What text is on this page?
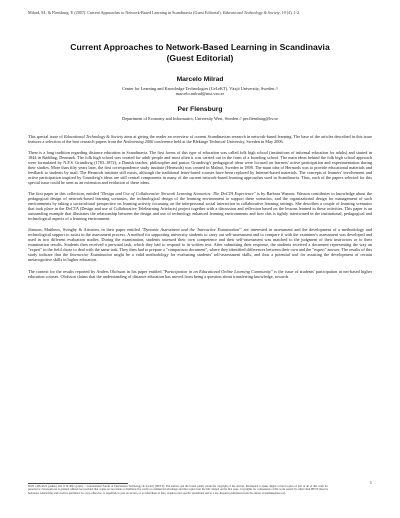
Milrad, M., & Flensburg, P. (2007). Current Approaches to Network-Based Learning in Scandinavia (Guest Editorial). Educational Technology & Society, 10 (4), 1-2.
Current Approaches to Network-Based Learning in Scandinavia
(Guest Editorial)

Marcelo Milrad

Center for Learning and Knowledge Technologies (CeLeKT), Växjö University, Sweden //
marcelo.milrad@msi.vxu.se

Per Flensburg

Department of Economy and Informatics, University West, Sweden // per.flensburg@hv.se

This special issue of Educational Technology & Society aims at giving the reader an overview of current Scandinavian research in network-based learning. The base of the articles described in this issue features a selection of the best research papers from the Netlearning 2006 conference held at the Blekinge Technical University, Sweden in May 2006.

There is a long tradition regarding distance education in Scandinavia. The first forms of this type of education was called folk high school (institutions of informal education for adults) and started in 1844 in Rødding, Denmark. The folk high school was created for adult people and most often it was carried out in the form of a boarding school. The main ideas behind the folk high school approach were formulated by N.F.S. Grundtvig (1783–1872); a Danish teacher, philosopher and pastor. Grundtvig's pedagogical ideas were focused on learners' active participation and experimentation during their studies. More than fifty years later, the first correspondence study institute (Hermods) was created in Malmö, Sweden in 1898. The main idea of Hermods was to provide educational materials and feedback to students by mail. The Hermods institute still exists, although the traditional letter-based courses have been replaced by Internet-based materials. The concepts of learners' involvement and active participation inspired by Grundtvig's ideas are still central components in many of the current network-based learning approaches used in Scandinavia. Thus, each of the papers selected for this special issue could be seen as an extension and evolution of these ideas.

The first paper in this collection, entitled "Design and Use of Collaborative Network Learning Scenarios: The DoCTA Experience" is by Barbara Wasson. Wasson contributes to knowledge about the pedagogical design of network-based learning scenarios, the technological design of the learning environment to support these scenarios, and the organizational design for management of such environments by taking a sociocultural perspective on learning activity focussing on the interpersonal social interaction in collaborative learning settings. She describes a couple of learning scenarios that took place in the DoCTA (Design and use of Collaborative Telelearning Artefacts) project together with a discussion and reflection based on the lessons learned in these activities. This paper is an outstanding example that illustrates the relationship between the design and use of technology enhanced learning environments and how this is tightly intertwined in the institutional, pedagogical and technological aspects of a learning environment.

Jönsson, Mattheos, Svingby & Attström, in their paper entitled "Dynamic Assessment and the 'Interactive Examination'" are interested in assessment and the development of a methodology and technological support to assist in the assessment process. A method for supporting university students to carry out self-assessment and to compare it with the examiner's assessment was developed and used in two different evaluation studies. During the examination, students assessed their own competence and their self-assessment was matched to the judgment of their instructors or to their examination results. Students then received a personal task, which they had to respond to in written text. After submitting their response, the students received a document representing the way an "expert" in the field chose to deal with the same task. They then had to prepare a "comparison document", where they identified differences between their own and the "expert" answer. The results of this study indicate that the Interactive Examination might be a valid methodology for evaluating students' self-assessment skills, and thus a potential tool for assisting the development of certain metacognitive skills in higher education.

The context for the results reported by Anders Olofsson in his paper entitled "Participation in an Educational Online Learning Community" is the issue of students' participation in net-based higher education courses. Olofsson claims that the understanding of distance education has moved from being a question about transferring knowledge, towards

1
ISSN 1436-4522 (online) and 1176-3647 (print). © International Forum of Educational Technology & Society (IFETS). The authors and the forum jointly retain the copyright of the articles. Permission to make digital or hard copies of part or all of this work for personal or classroom use is granted without fee provided that copies are not made or distributed for profit or commercial advantage and that copies bear the full citation on the first page. Copyrights for components of this work owned by others than IFETS must be honoured. Abstracting with credit is permitted. To copy otherwise, to republish, to post on servers, or to redistribute to lists, requires prior specific permission and/or a fee. Request permissions from the editors at kinshuk@ieee.org.
